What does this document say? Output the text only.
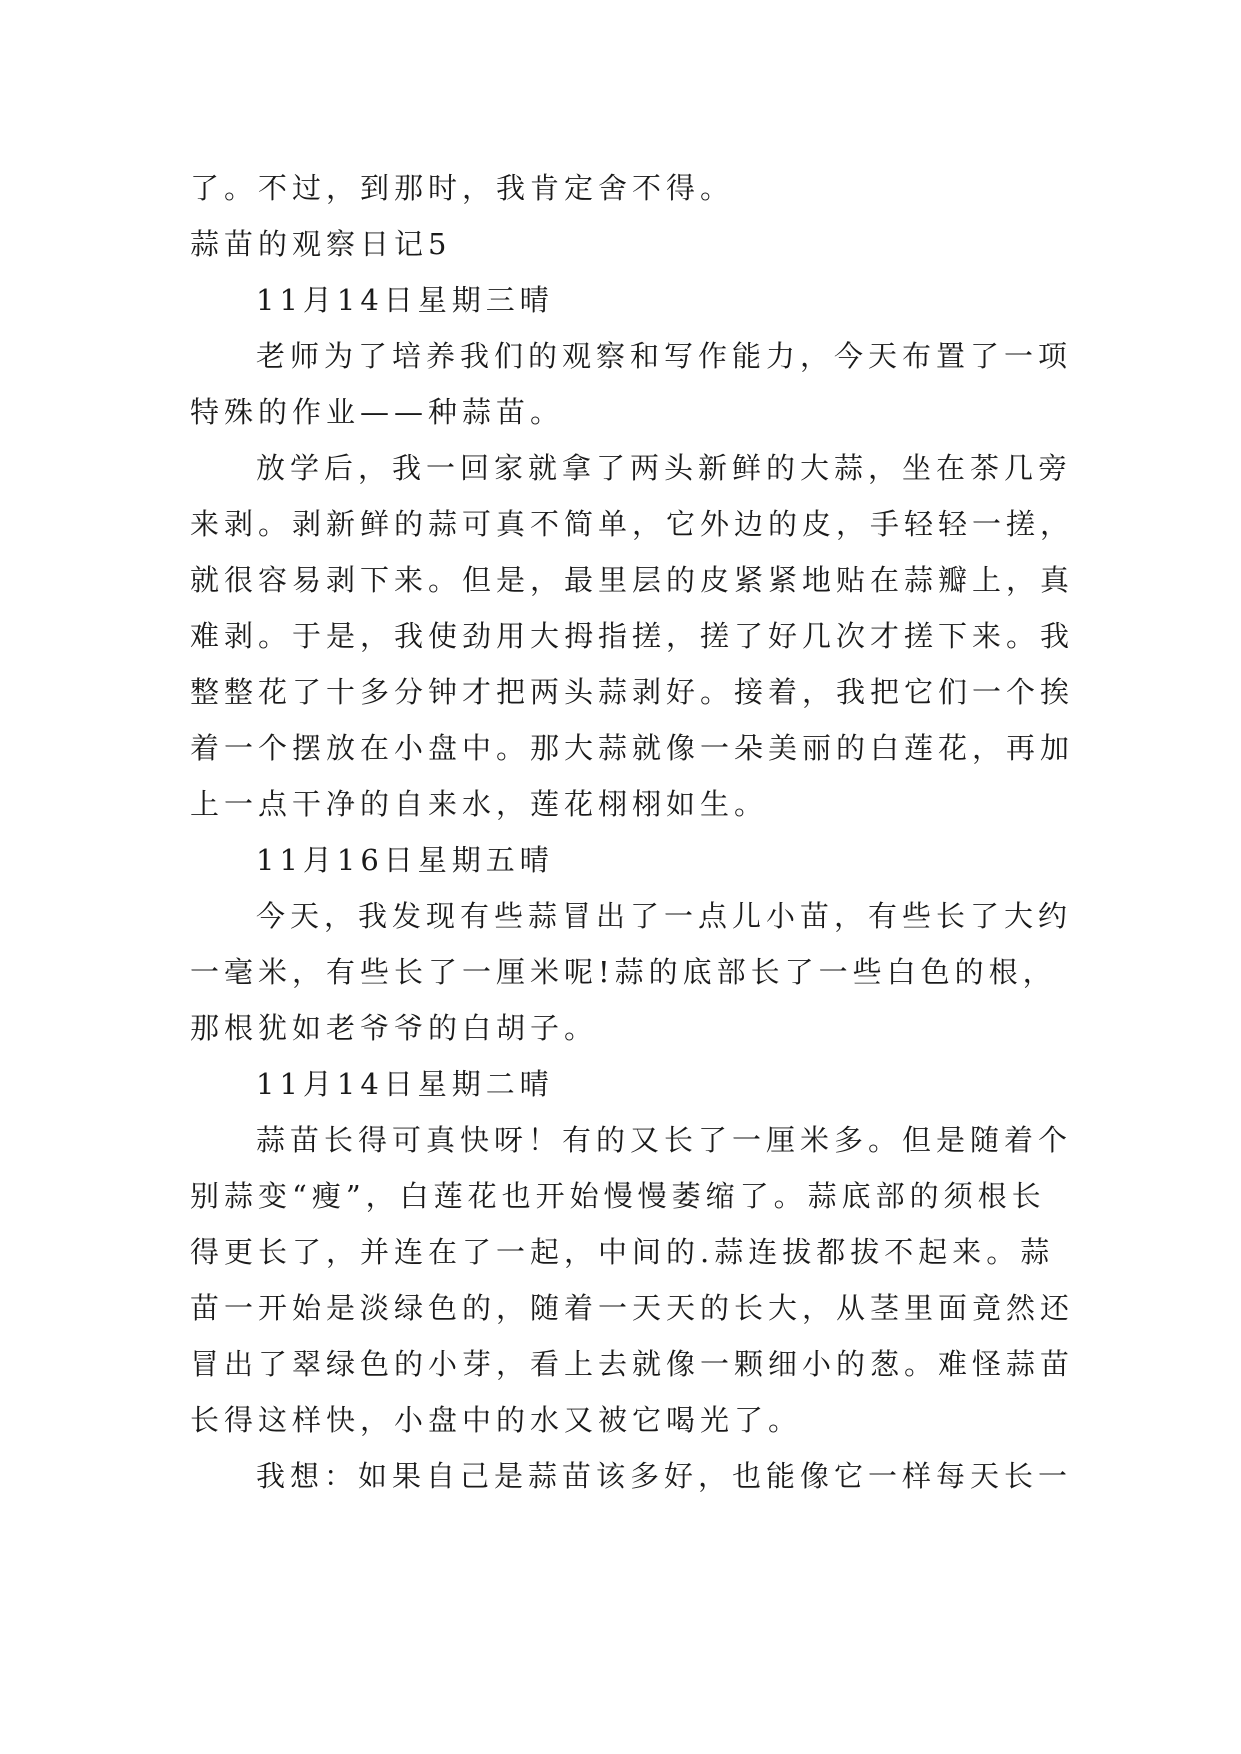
了。不过，到那时，我肯定舍不得。
蒜苗的观察日记5
11月14日星期三晴
老师为了培养我们的观察和写作能力，今天布置了一项
特殊的作业——种蒜苗。
放学后，我一回家就拿了两头新鲜的大蒜，坐在茶几旁
来剥。剥新鲜的蒜可真不简单，它外边的皮，手轻轻一搓，
就很容易剥下来。但是，最里层的皮紧紧地贴在蒜瓣上，真
难剥。于是，我使劲用大拇指搓，搓了好几次才搓下来。我
整整花了十多分钟才把两头蒜剥好。接着，我把它们一个挨
着一个摆放在小盘中。那大蒜就像一朵美丽的白莲花，再加
上一点干净的自来水，莲花栩栩如生。
11月16日星期五晴
今天，我发现有些蒜冒出了一点儿小苗，有些长了大约
一毫米，有些长了一厘米呢!蒜的底部长了一些白色的根，
那根犹如老爷爷的白胡子。
11月14日星期二晴
蒜苗长得可真快呀！有的又长了一厘米多。但是随着个
别蒜变“瘦”，白莲花也开始慢慢萎缩了。蒜底部的须根长
得更长了，并连在了一起，中间的.蒜连拔都拔不起来。蒜
苗一开始是淡绿色的，随着一天天的长大，从茎里面竟然还
冒出了翠绿色的小芽，看上去就像一颗细小的葱。难怪蒜苗
长得这样快，小盘中的水又被它喝光了。
我想：如果自己是蒜苗该多好，也能像它一样每天长一
